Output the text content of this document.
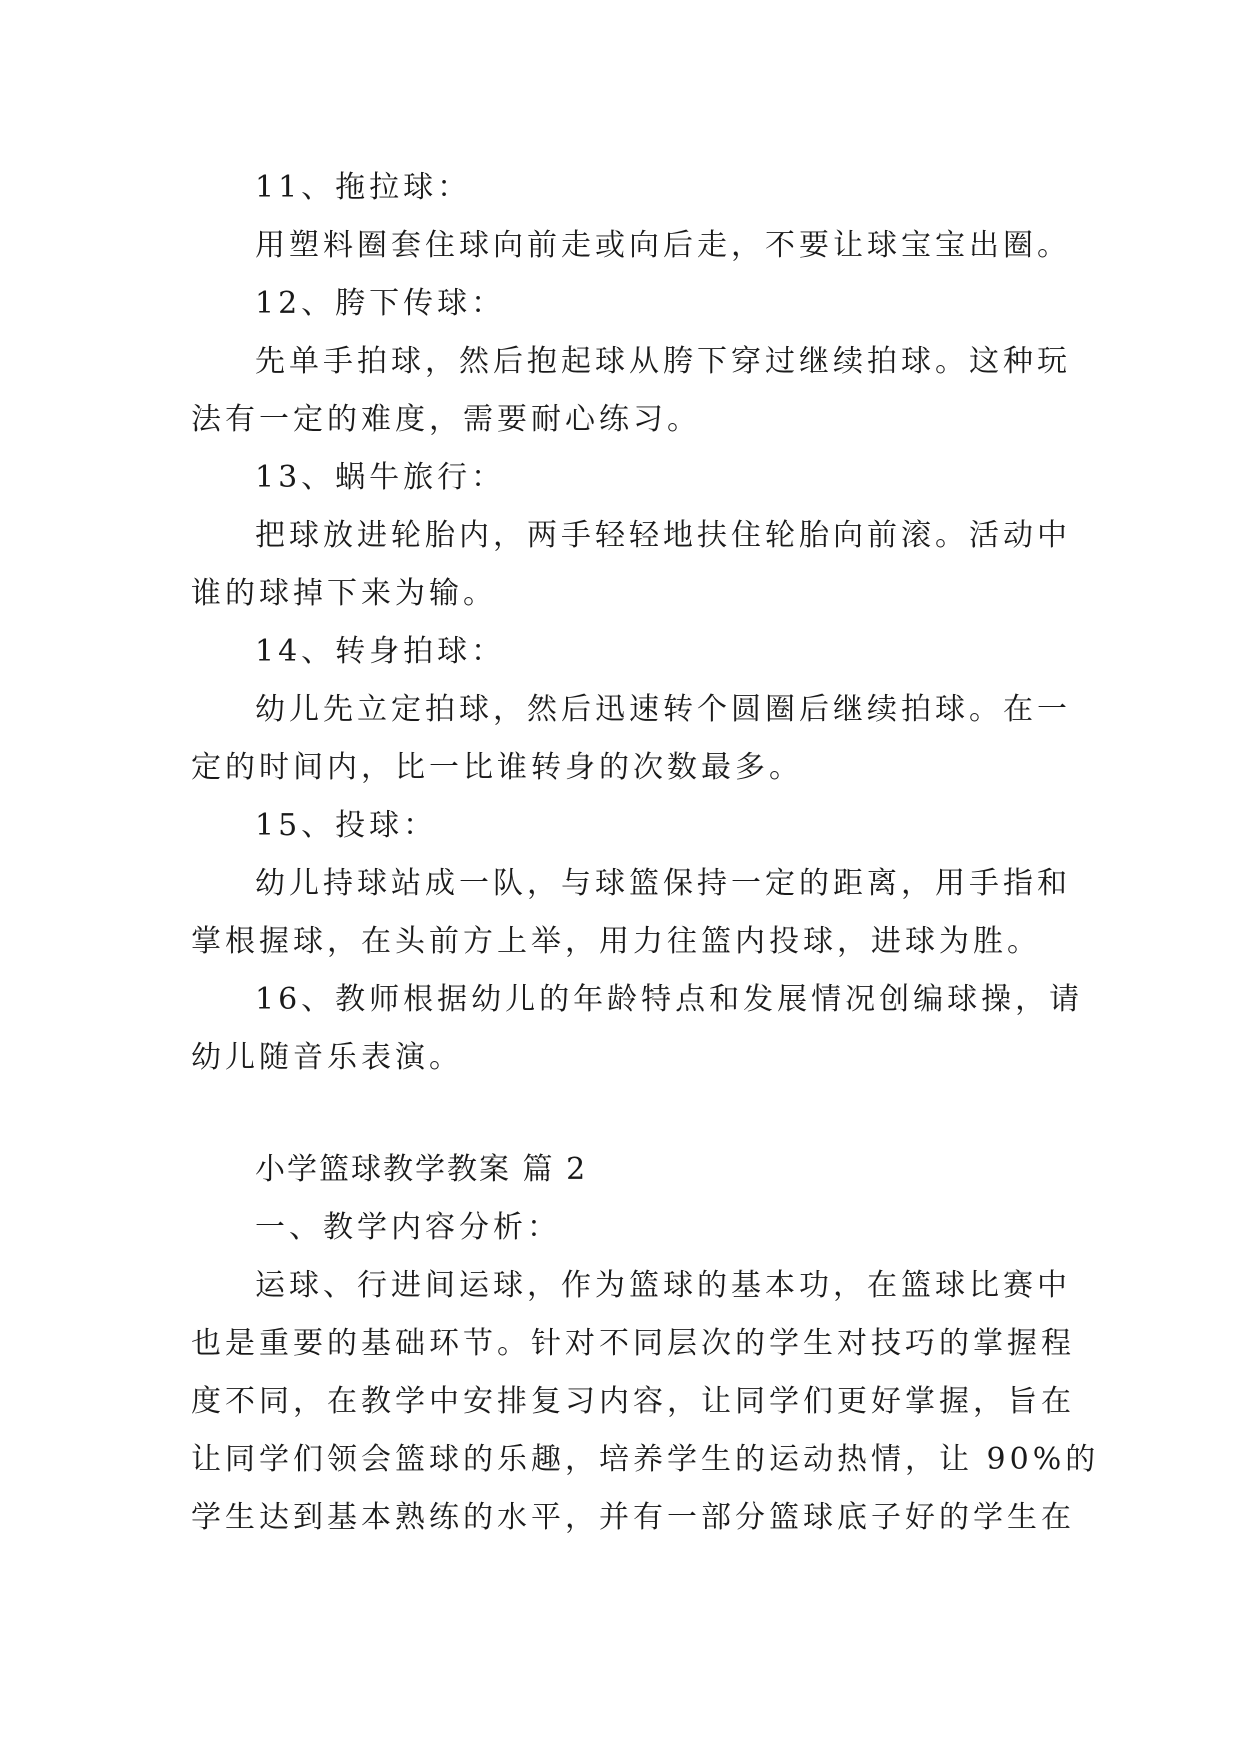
11、拖拉球：
用塑料圈套住球向前走或向后走，不要让球宝宝出圈。
12、胯下传球：
先单手拍球，然后抱起球从胯下穿过继续拍球。这种玩
法有一定的难度，需要耐心练习。
13、蜗牛旅行：
把球放进轮胎内，两手轻轻地扶住轮胎向前滚。活动中
谁的球掉下来为输。
14、转身拍球：
幼儿先立定拍球，然后迅速转个圆圈后继续拍球。在一
定的时间内，比一比谁转身的次数最多。
15、投球：
幼儿持球站成一队，与球篮保持一定的距离，用手指和
掌根握球，在头前方上举，用力往篮内投球，进球为胜。
16、教师根据幼儿的年龄特点和发展情况创编球操，请
幼儿随音乐表演。
小学篮球教学教案 篇 2
一、教学内容分析：
运球、行进间运球，作为篮球的基本功，在篮球比赛中
也是重要的基础环节。针对不同层次的学生对技巧的掌握程
度不同，在教学中安排复习内容，让同学们更好掌握，旨在
让同学们领会篮球的乐趣，培养学生的运动热情，让 90%的
学生达到基本熟练的水平，并有一部分篮球底子好的学生在
